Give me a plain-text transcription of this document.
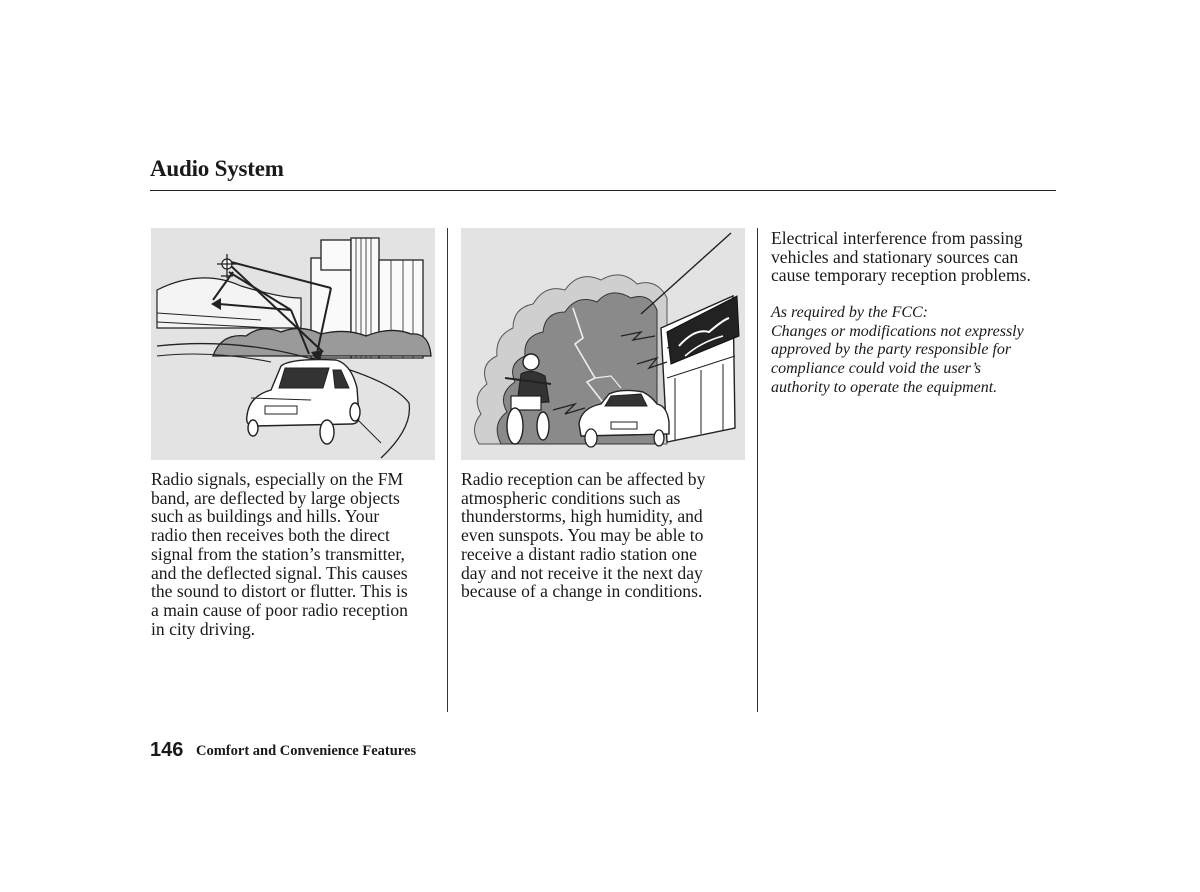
Audio System

Radio signals, especially on the FM
band, are deflected by large objects
such as buildings and hills. Your
radio then receives both the direct
signal from the station’s transmitter,
and the deflected signal. This causes
the sound to distort or flutter. This is
a main cause of poor radio reception
in city driving.

Radio reception can be affected by
atmospheric conditions such as
thunderstorms, high humidity, and
even sunspots. You may be able to
receive a distant radio station one
day and not receive it the next day
because of a change in conditions.

Electrical interference from passing
vehicles and stationary sources can
cause temporary reception problems.

As required by the FCC:
Changes or modifications not expressly
approved by the party responsible for
compliance could void the user’s
authority to operate the equipment.

146 Comfort and Convenience Features
